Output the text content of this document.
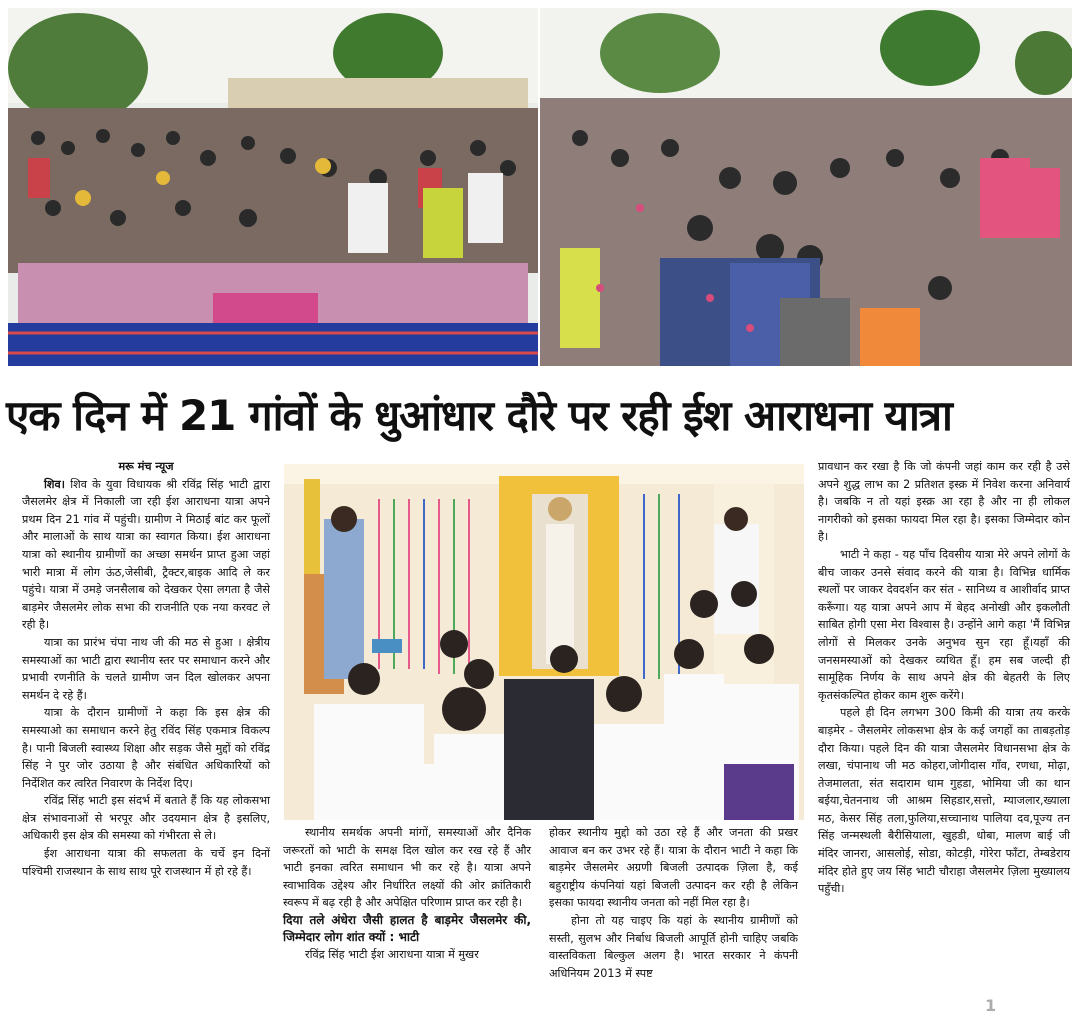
एक दिन में 21 गांवों के धुआंधार दौरे पर रही ईश आराधना यात्रा

मरू मंच न्यूज

शिव। शिव के युवा विधायक श्री रविंद्र सिंह भाटी द्वारा जैसलमेर क्षेत्र में निकाली जा रही ईश आराधना यात्रा अपने प्रथम दिन 21 गांव में पहुंची। ग्रामीण ने मिठाई बांट कर फूलों और मालाओं के साथ यात्रा का स्वागत किया। ईश आराधना यात्रा को स्थानीय ग्रामीणों का अच्छा समर्थन प्राप्त हुआ जहां भारी मात्रा में लोग ऊंठ,जेसीबी, ट्रैक्टर,बाइक आदि ले कर पहुंचे। यात्रा में उमड़े जनसैलाब को देखकर ऐसा लगता है जैसे बाड़मेर जैसलमेर लोक सभा की राजनीति एक नया करवट ले रही है।

यात्रा का प्रारंभ चंपा नाथ जी की मठ से हुआ । क्षेत्रीय समस्याओं का भाटी द्वारा स्थानीय स्तर पर समाधान करने और प्रभावी रणनीति के चलते ग्रामीण जन दिल खोलकर अपना समर्थन दे रहे हैं।

यात्रा के दौरान ग्रामीणों ने कहा कि इस क्षेत्र की समस्याओ का समाधान करने हेतु रविंद सिंह एकमात्र विकल्प है। पानी बिजली स्वास्थ्य शिक्षा और सड़क जैसे मुद्दों को रविंद्र सिंह ने पुर जोर उठाया है और संबंधित अधिकारियों को निर्देशित कर त्वरित निवारण के निर्देश दिए।

रविंद्र सिंह भाटी इस संदर्भ में बताते हैं कि यह लोकसभा क्षेत्र संभावनाओं से भरपूर और उदयमान क्षेत्र है इसलिए, अधिकारी इस क्षेत्र की समस्या को गंभीरता से ले।

ईश आराधना यात्रा की सफलता के चर्चे इन दिनों पश्चिमी राजस्थान के साथ साथ पूरे राजस्थान में हो रहे हैं।

स्थानीय समर्थक अपनी मांगों, समस्याओं और दैनिक जरूरतों को भाटी के समक्ष दिल खोल कर रख रहे हैं और भाटी इनका त्वरित समाधान भी कर रहे है। यात्रा अपने स्वाभाविक उद्देश्य और निर्धारित लक्ष्यों की ओर क्रांतिकारी स्वरूप में बढ़ रही है और अपेक्षित परिणाम प्राप्त कर रही है।

दिया तले अंधेरा जैसी हालत है बाड़मेर जैसलमेर की, जिम्मेदार लोग शांत क्यों : भाटी

रविंद्र सिंह भाटी ईश आराधना यात्रा में मुखर

होकर स्थानीय मुद्दो को उठा रहे हैं और जनता की प्रखर आवाज बन कर उभर रहे हैं। यात्रा के दौरान भाटी ने कहा कि बाड़मेर जैसलमेर अग्रणी बिजली उत्पादक ज़िला है, कई बहुराष्ट्रीय कंपनियां यहां बिजली उत्पादन कर रही है लेकिन इसका फायदा स्थानीय जनता को नहीं मिल रहा है।

होना तो यह चाइए कि यहां के स्थानीय ग्रामीणों को सस्ती, सुलभ और निर्बाध बिजली आपूर्ति होनी चाहिए जबकि वास्तविकता बिल्कुल अलग है। भारत सरकार ने कंपनी अधिनियम 2013 में स्पष्ट

प्रावधान कर रखा है कि जो कंपनी जहां काम कर रही है उसे अपने शुद्ध लाभ का 2 प्रतिशत इस्क्र में निवेश करना अनिवार्य है। जबकि न तो यहां इस्क्र आ रहा है और ना ही लोकल नागरीको को इसका फायदा मिल रहा है। इसका जिम्मेदार कोन है।

भाटी ने कहा - यह पाँच दिवसीय यात्रा मेरे अपने लोगों के बीच जाकर उनसे संवाद करने की यात्रा है। विभिन्न धार्मिक स्थलों पर जाकर देवदर्शन कर संत - सानिध्य व आशीर्वाद प्राप्त करूँगा। यह यात्रा अपने आप में बेहद अनोखी और इकलौती साबित होगी एसा मेरा विश्वास है। उन्होंने आगे कहा 'मैं विभिन्न लोगों से मिलकर उनके अनुभव सुन रहा हूँ।यहाँ की जनसमस्याओं को देखकर व्यथित हूँ। हम सब जल्दी ही सामूहिक निर्णय के साथ अपने क्षेत्र की बेहतरी के लिए कृतसंकल्पित होकर काम शुरू करेंगे।

पहले ही दिन लगभग 300 किमी की यात्रा तय करके बाड़मेर - जैसलमेर लोकसभा क्षेत्र के कई जगहों का ताबड़तोड़ दौरा किया। पहले दिन की यात्रा जैसलमेर विधानसभा क्षेत्र के लखा, चंपानाथ जी मठ कोहरा,जोगीदास गाँव, रणधा, मोढ़ा, तेजमालता, संत सदाराम धाम गुहडा, भोमिया जी का थान बईया,चेतननाथ जी आश्रम सिहडार,सत्तो, म्याजलार,ख्याला मठ, केसर सिंह तला,फुलिया,सच्चानाथ पालिया दव,पूज्य तन सिंह जन्मस्थली बैरीसियाला, खुहडी, धोबा, मालण बाई जी मंदिर जानरा, आसलोई, सोडा, कोटड़ी, गोरेरा फाँटा, तेम्बडेराय मंदिर होते हुए जय सिंह भाटी चौराहा जैसलमेर ज़िला मुख्यालय पहुँची।

1
